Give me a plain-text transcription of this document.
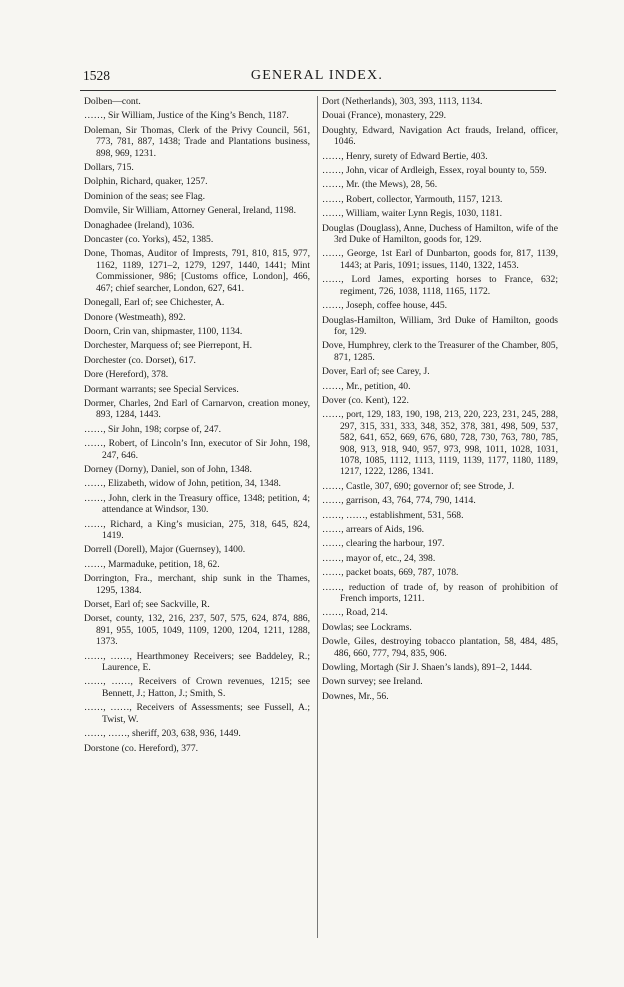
1528	GENERAL INDEX.
Dolben—cont.
……, Sir William, Justice of the King’s Bench, 1187.
Doleman, Sir Thomas, Clerk of the Privy Council, 561, 773, 781, 887, 1438; Trade and Plantations business, 898, 969, 1231.
Dollars, 715.
Dolphin, Richard, quaker, 1257.
Dominion of the seas; see Flag.
Domvile, Sir William, Attorney General, Ireland, 1198.
Donaghadee (Ireland), 1036.
Doncaster (co. Yorks), 452, 1385.
Done, Thomas, Auditor of Imprests, 791, 810, 815, 977, 1162, 1189, 1271–2, 1279, 1297, 1440, 1441; Mint Commissioner, 986; [Customs office, London], 466, 467; chief searcher, London, 627, 641.
Donegall, Earl of; see Chichester, A.
Donore (Westmeath), 892.
Doorn, Crin van, shipmaster, 1100, 1134.
Dorchester, Marquess of; see Pierrepont, H.
Dorchester (co. Dorset), 617.
Dore (Hereford), 378.
Dormant warrants; see Special Services.
Dormer, Charles, 2nd Earl of Carnarvon, creation money, 893, 1284, 1443.
……, Sir John, 198; corpse of, 247.
……, Robert, of Lincoln’s Inn, executor of Sir John, 198, 247, 646.
Dorney (Dorny), Daniel, son of John, 1348.
……, Elizabeth, widow of John, petition, 34, 1348.
……, John, clerk in the Treasury office, 1348; petition, 4; attendance at Windsor, 130.
……, Richard, a King’s musician, 275, 318, 645, 824, 1419.
Dorrell (Dorell), Major (Guernsey), 1400.
……, Marmaduke, petition, 18, 62.
Dorrington, Fra., merchant, ship sunk in the Thames, 1295, 1384.
Dorset, Earl of; see Sackville, R.
Dorset, county, 132, 216, 237, 507, 575, 624, 874, 886, 891, 955, 1005, 1049, 1109, 1200, 1204, 1211, 1288, 1373.
……, ……, Hearthmoney Receivers; see Baddeley, R.; Laurence, E.
……, ……, Receivers of Crown revenues, 1215; see Bennett, J.; Hatton, J.; Smith, S.
……, ……, Receivers of Assessments; see Fussell, A.; Twist, W.
……, ……, sheriff, 203, 638, 936, 1449.
Dorstone (co. Hereford), 377.
Dort (Netherlands), 303, 393, 1113, 1134.
Douai (France), monastery, 229.
Doughty, Edward, Navigation Act frauds, Ireland, officer, 1046.
……, Henry, surety of Edward Bertie, 403.
……, John, vicar of Ardleigh, Essex, royal bounty to, 559.
……, Mr. (the Mews), 28, 56.
……, Robert, collector, Yarmouth, 1157, 1213.
……, William, waiter Lynn Regis, 1030, 1181.
Douglas (Douglass), Anne, Duchess of Hamilton, wife of the 3rd Duke of Hamilton, goods for, 129.
……, George, 1st Earl of Dunbarton, goods for, 817, 1139, 1443; at Paris, 1091; issues, 1140, 1322, 1453.
……, Lord James, exporting horses to France, 632; regiment, 726, 1038, 1118, 1165, 1172.
……, Joseph, coffee house, 445.
Douglas-Hamilton, William, 3rd Duke of Hamilton, goods for, 129.
Dove, Humphrey, clerk to the Treasurer of the Chamber, 805, 871, 1285.
Dover, Earl of; see Carey, J.
……, Mr., petition, 40.
Dover (co. Kent), 122.
……, port, 129, 183, 190, 198, 213, 220, 223, 231, 245, 288, 297, 315, 331, 333, 348, 352, 378, 381, 498, 509, 537, 582, 641, 652, 669, 676, 680, 728, 730, 763, 780, 785, 908, 913, 918, 940, 957, 973, 998, 1011, 1028, 1031, 1078, 1085, 1112, 1113, 1119, 1139, 1177, 1180, 1189, 1217, 1222, 1286, 1341.
……, Castle, 307, 690; governor of; see Strode, J.
……, garrison, 43, 764, 774, 790, 1414.
……, ……, establishment, 531, 568.
……, arrears of Aids, 196.
……, clearing the harbour, 197.
……, mayor of, etc., 24, 398.
……, packet boats, 669, 787, 1078.
……, reduction of trade of, by reason of prohibition of French imports, 1211.
……, Road, 214.
Dowlas; see Lockrams.
Dowle, Giles, destroying tobacco plantation, 58, 484, 485, 486, 660, 777, 794, 835, 906.
Dowling, Mortagh (Sir J. Shaen’s lands), 891–2, 1444.
Down survey; see Ireland.
Downes, Mr., 56.
